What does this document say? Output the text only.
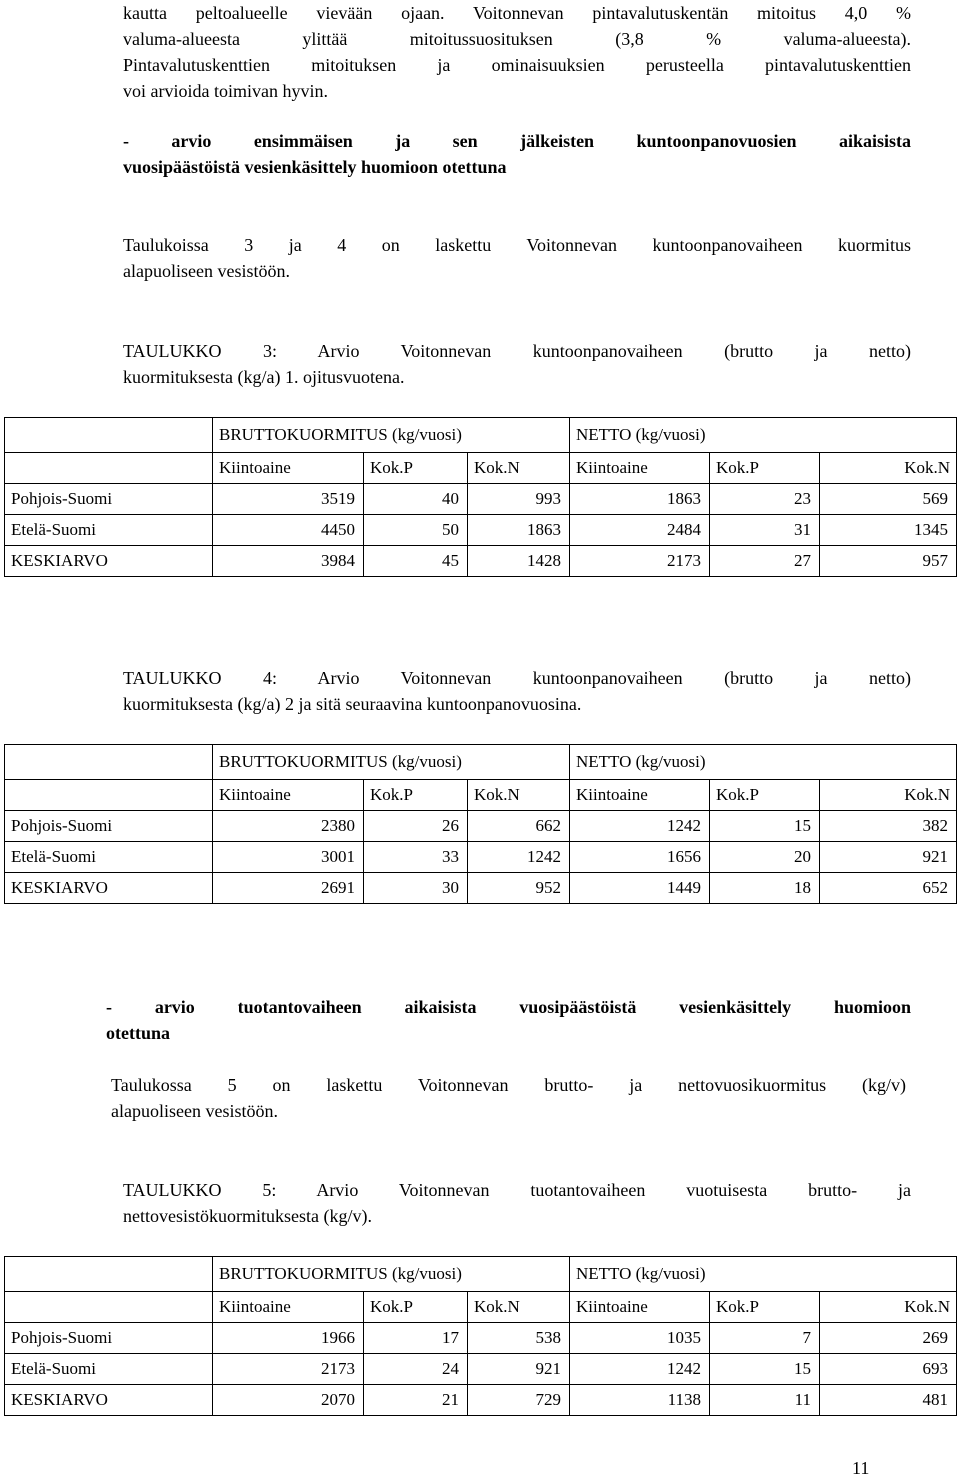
kautta peltoalueelle vievään ojaan. Voitonnevan pintavalutuskentän mitoitus 4,0 %
valuma-alueesta ylittää mitoitussuosituksen (3,8 % valuma-alueesta).
Pintavalutuskenttien mitoituksen ja ominaisuuksien perusteella pintavalutuskenttien
voi arvioida toimivan hyvin.
- arvio ensimmäisen ja sen jälkeisten kuntoonpanovuosien aikaisista
vuosipäästöistä vesienkäsittely huomioon otettuna
Taulukoissa 3 ja 4 on laskettu Voitonnevan kuntoonpanovaiheen kuormitus
alapuoliseen vesistöön.
TAULUKKO 3: Arvio Voitonnevan kuntoonpanovaiheen (brutto ja netto)
kuormituksesta (kg/a) 1. ojitusvuotena.
	BRUTTOKUORMITUS (kg/vuosi)			NETTO (kg/vuosi)		
	Kiintoaine	Kok.P	Kok.N	Kiintoaine	Kok.P	Kok.N
Pohjois-Suomi	3519	40	993	1863	23	569
Etelä-Suomi	4450	50	1863	2484	31	1345
KESKIARVO	3984	45	1428	2173	27	957
TAULUKKO 4: Arvio Voitonnevan kuntoonpanovaiheen (brutto ja netto)
kuormituksesta (kg/a) 2 ja sitä seuraavina kuntoonpanovuosina.
	BRUTTOKUORMITUS (kg/vuosi)			NETTO (kg/vuosi)		
	Kiintoaine	Kok.P	Kok.N	Kiintoaine	Kok.P	Kok.N
Pohjois-Suomi	2380	26	662	1242	15	382
Etelä-Suomi	3001	33	1242	1656	20	921
KESKIARVO	2691	30	952	1449	18	652
- arvio tuotantovaiheen aikaisista vuosipäästöistä vesienkäsittely huomioon
otettuna
Taulukossa 5 on laskettu Voitonnevan brutto- ja nettovuosikuormitus (kg/v)
alapuoliseen vesistöön.
TAULUKKO 5: Arvio Voitonnevan tuotantovaiheen vuotuisesta brutto- ja
nettovesistökuormituksesta (kg/v).
	BRUTTOKUORMITUS (kg/vuosi)			NETTO (kg/vuosi)		
	Kiintoaine	Kok.P	Kok.N	Kiintoaine	Kok.P	Kok.N
Pohjois-Suomi	1966	17	538	1035	7	269
Etelä-Suomi	2173	24	921	1242	15	693
KESKIARVO	2070	21	729	1138	11	481
11
